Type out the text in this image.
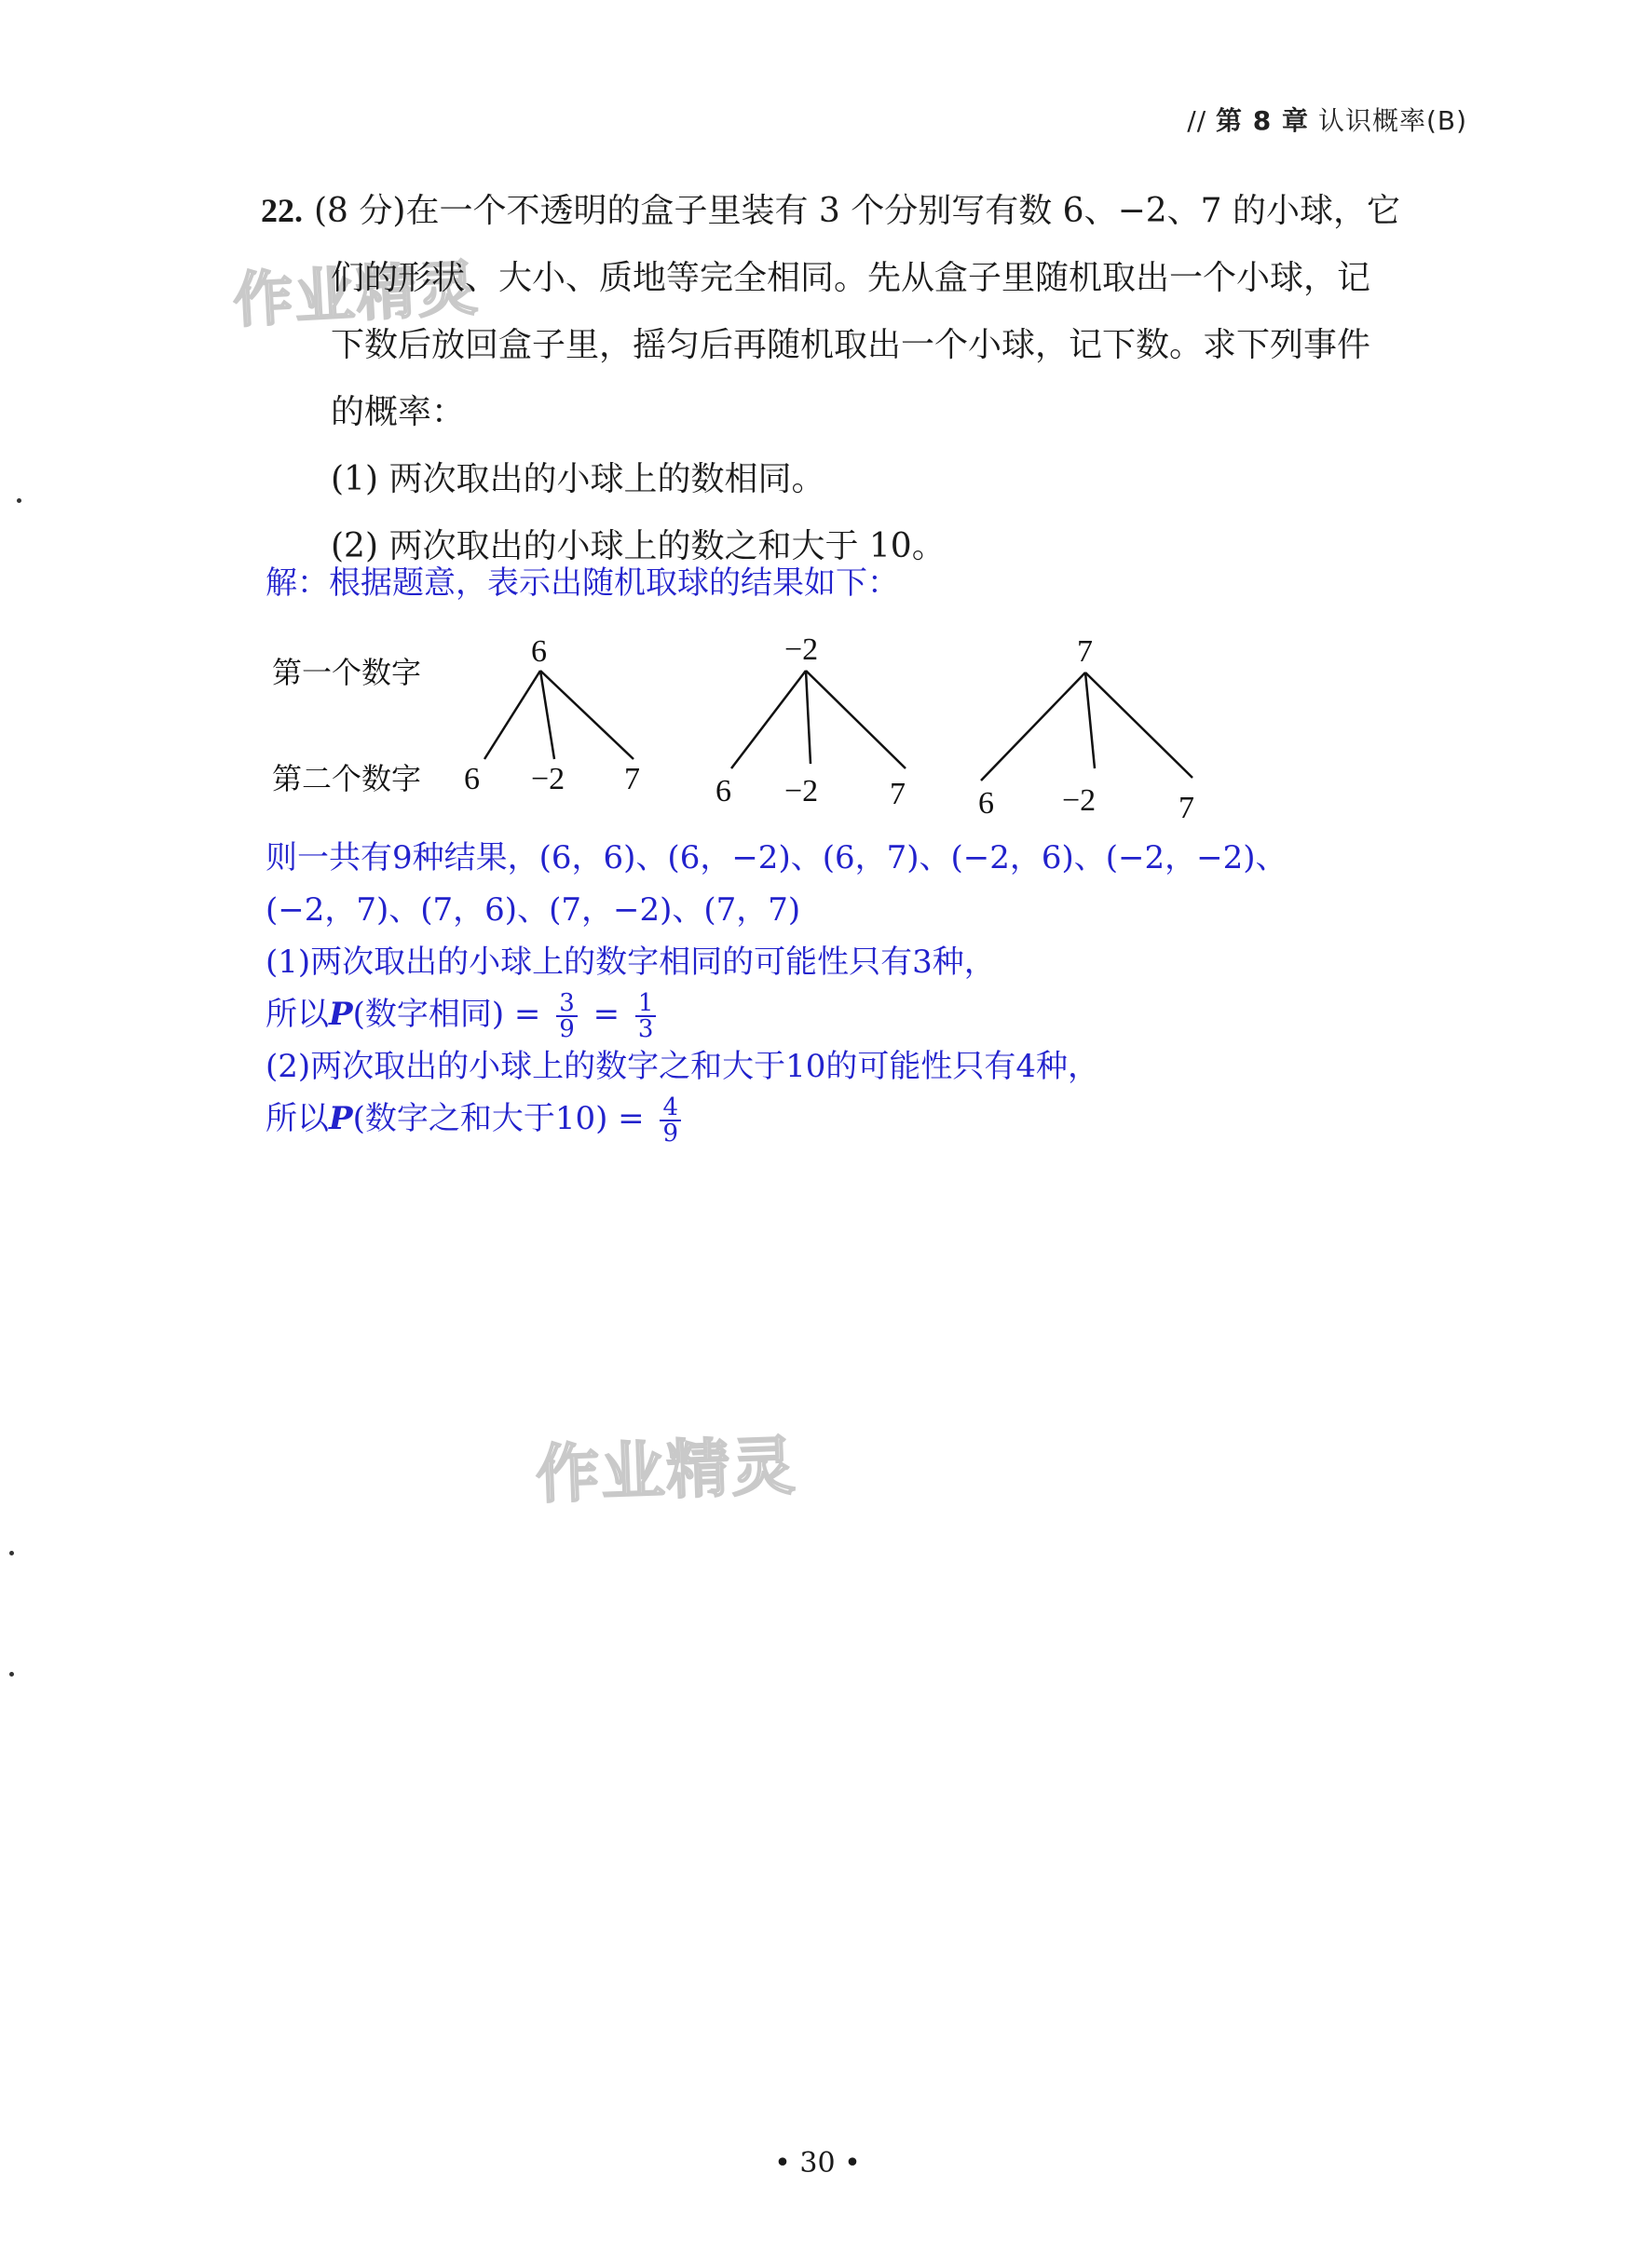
// 第 8 章 认识概率(B)
作业精灵
作业精灵
22. (8 分)在一个不透明的盒子里装有 3 个分别写有数 6、−2、7 的小球，它
们的形状、大小、质地等完全相同。先从盒子里随机取出一个小球，记
下数后放回盒子里，摇匀后再随机取出一个小球，记下数。求下列事件
的概率：
(1) 两次取出的小球上的数相同。
(2) 两次取出的小球上的数之和大于 10。
解：根据题意，表示出随机取球的结果如下：
第一个数字
第二个数字
6
6 −2 7
−2
6 −2 7
7
6 −2	7
则一共有9种结果，(6，6)、(6，−2)、(6，7)、(−2，6)、(−2，−2)、
(−2，7)、(7，6)、(7，−2)、(7，7)
(1)两次取出的小球上的数字相同的可能性只有3种，
所以P(数字相同) = $\frac{3}{9} = \frac{1}{3}$
(2)两次取出的小球上的数字之和大于10的可能性只有4种，
所以P(数字之和大于$10) = \frac{4}{9}$
• 30 •
